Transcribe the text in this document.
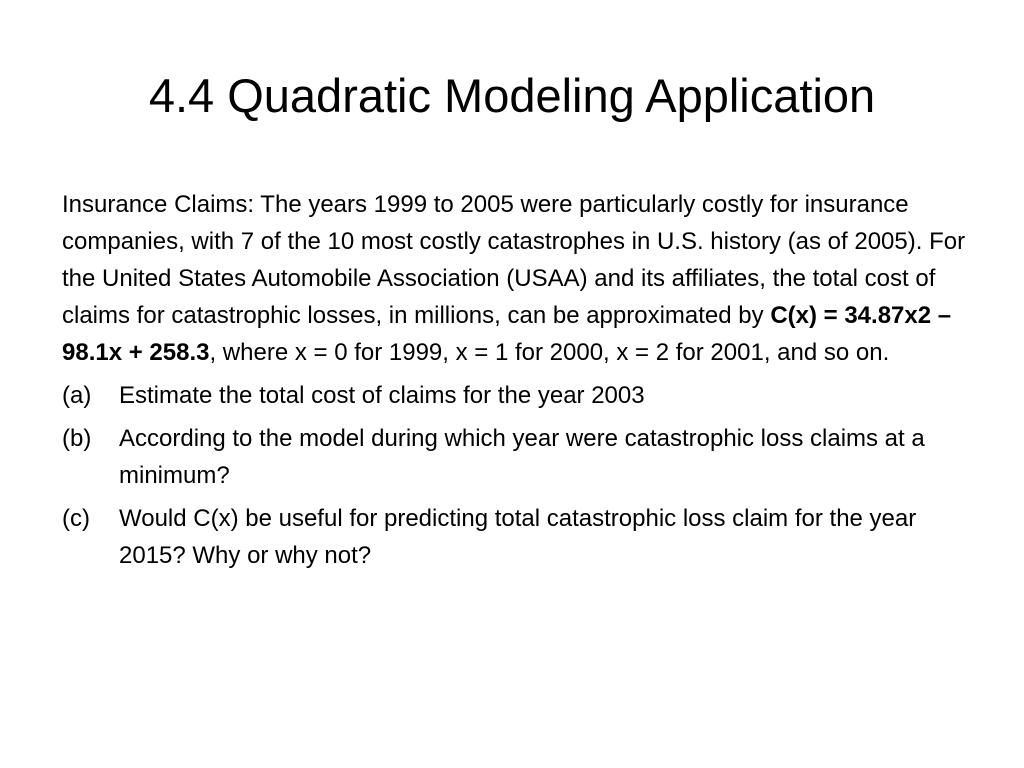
4.4 Quadratic Modeling Application

Insurance Claims: The years 1999 to 2005 were particularly costly for insurance companies, with 7 of the 10 most costly catastrophes in U.S. history (as of 2005). For the United States Automobile Association (USAA) and its affiliates, the total cost of claims for catastrophic losses, in millions, can be approximated by C(x) = 34.87x2 – 98.1x + 258.3, where x = 0 for 1999, x = 1 for 2000, x = 2 for 2001, and so on.

(a) Estimate the total cost of claims for the year 2003
(b) According to the model during which year were catastrophic loss claims at a minimum?
(c) Would C(x) be useful for predicting total catastrophic loss claim for the year 2015? Why or why not?
